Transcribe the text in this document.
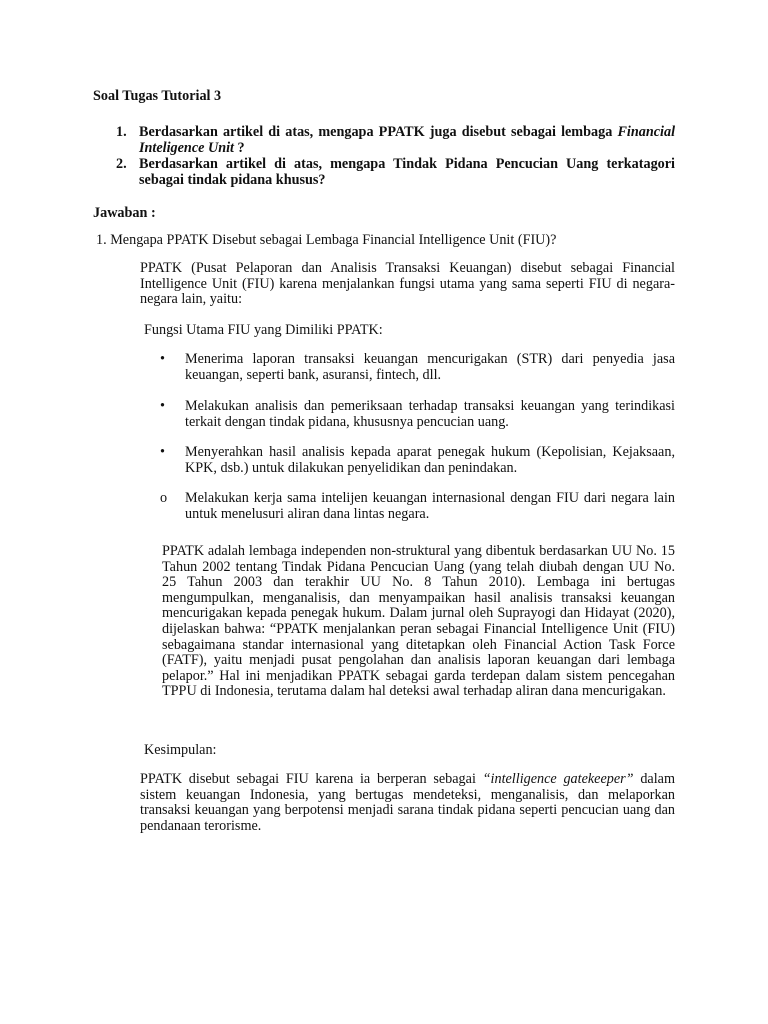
Soal Tugas Tutorial 3

1. Berdasarkan artikel di atas, mengapa PPATK juga disebut sebagai lembaga Financial Inteligence Unit ?

2. Berdasarkan artikel di atas, mengapa Tindak Pidana Pencucian Uang terkatagori sebagai tindak pidana khusus?

Jawaban :

1. Mengapa PPATK Disebut sebagai Lembaga Financial Intelligence Unit (FIU)?

PPATK (Pusat Pelaporan dan Analisis Transaksi Keuangan) disebut sebagai Financial Intelligence Unit (FIU) karena menjalankan fungsi utama yang sama seperti FIU di negara-negara lain, yaitu:

Fungsi Utama FIU yang Dimiliki PPATK:

• Menerima laporan transaksi keuangan mencurigakan (STR) dari penyedia jasa keuangan, seperti bank, asuransi, fintech, dll.

• Melakukan analisis dan pemeriksaan terhadap transaksi keuangan yang terindikasi terkait dengan tindak pidana, khususnya pencucian uang.

• Menyerahkan hasil analisis kepada aparat penegak hukum (Kepolisian, Kejaksaan, KPK, dsb.) untuk dilakukan penyelidikan dan penindakan.

o Melakukan kerja sama intelijen keuangan internasional dengan FIU dari negara lain untuk menelusuri aliran dana lintas negara.

PPATK adalah lembaga independen non-struktural yang dibentuk berdasarkan UU No. 15 Tahun 2002 tentang Tindak Pidana Pencucian Uang (yang telah diubah dengan UU No. 25 Tahun 2003 dan terakhir UU No. 8 Tahun 2010). Lembaga ini bertugas mengumpulkan, menganalisis, dan menyampaikan hasil analisis transaksi keuangan mencurigakan kepada penegak hukum. Dalam jurnal oleh Suprayogi dan Hidayat (2020), dijelaskan bahwa: “PPATK menjalankan peran sebagai Financial Intelligence Unit (FIU) sebagaimana standar internasional yang ditetapkan oleh Financial Action Task Force (FATF), yaitu menjadi pusat pengolahan dan analisis laporan keuangan dari lembaga pelapor.” Hal ini menjadikan PPATK sebagai garda terdepan dalam sistem pencegahan TPPU di Indonesia, terutama dalam hal deteksi awal terhadap aliran dana mencurigakan.

Kesimpulan:

PPATK disebut sebagai FIU karena ia berperan sebagai “intelligence gatekeeper” dalam sistem keuangan Indonesia, yang bertugas mendeteksi, menganalisis, dan melaporkan transaksi keuangan yang berpotensi menjadi sarana tindak pidana seperti pencucian uang dan pendanaan terorisme.
